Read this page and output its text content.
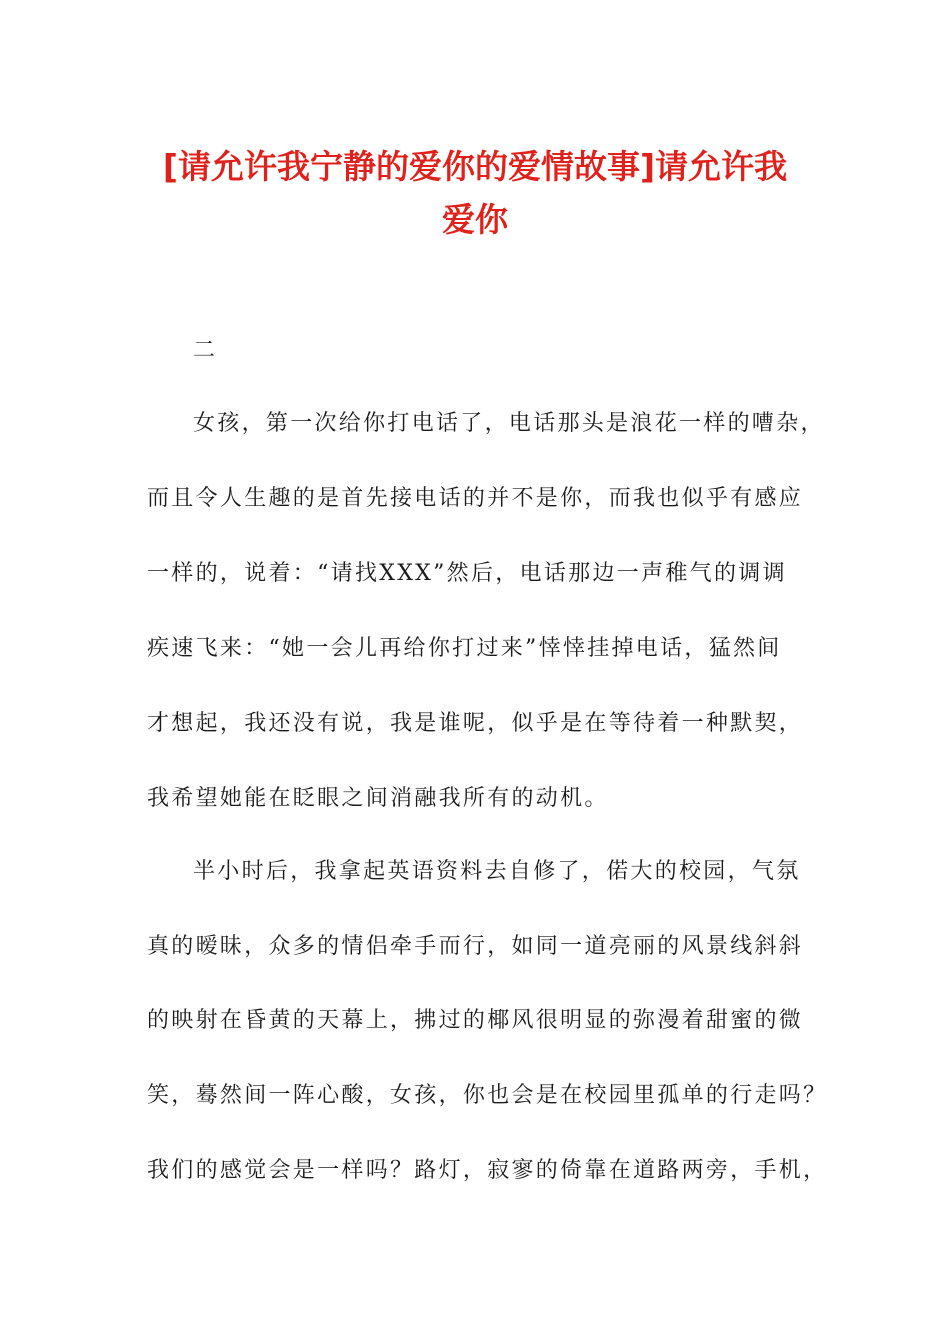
[请允许我宁静的爱你的爱情故事]请允许我
爱你

二

女孩，第一次给你打电话了，电话那头是浪花一样的嘈杂，

而且令人生趣的是首先接电话的并不是你，而我也似乎有感应

一样的，说着：“请找XXX”然后，电话那边一声稚气的调调

疾速飞来：“她一会儿再给你打过来”悻悻挂掉电话，猛然间

才想起，我还没有说，我是谁呢，似乎是在等待着一种默契，

我希望她能在眨眼之间消融我所有的动机。

半小时后，我拿起英语资料去自修了，偌大的校园，气氛

真的暧昧，众多的情侣牵手而行，如同一道亮丽的风景线斜斜

的映射在昏黄的天幕上，拂过的椰风很明显的弥漫着甜蜜的微

笑，蓦然间一阵心酸，女孩，你也会是在校园里孤单的行走吗？

我们的感觉会是一样吗？路灯，寂寥的倚靠在道路两旁，手机，
